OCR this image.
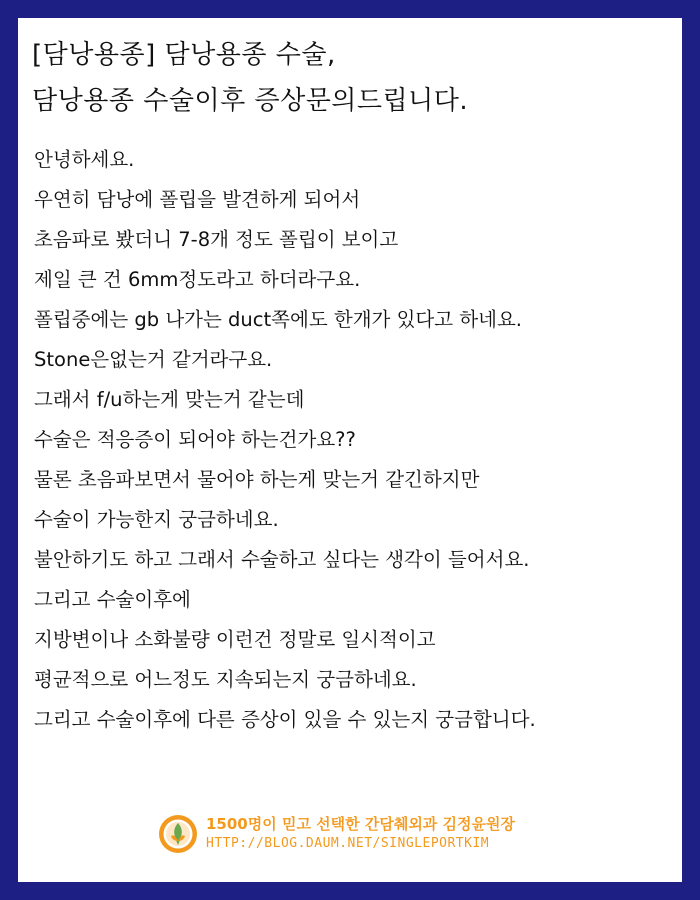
[담낭용종] 담낭용종 수술,
담낭용종 수술이후 증상문의드립니다.
안녕하세요.
우연히 담낭에 폴립을 발견하게 되어서
초음파로 봤더니 7-8개 정도 폴립이 보이고
제일 큰 건 6mm정도라고 하더라구요.
폴립중에는 gb 나가는 duct쪽에도 한개가 있다고 하네요.
Stone은없는거 같거라구요.
그래서 f/u하는게 맞는거 같는데
수술은 적응증이 되어야 하는건가요??
물론 초음파보면서 물어야 하는게 맞는거 같긴하지만
수술이 가능한지 궁금하네요.
불안하기도 하고 그래서 수술하고 싶다는 생각이 들어서요.
그리고 수술이후에
지방변이나 소화불량 이런건 정말로 일시적이고
평균적으로 어느정도 지속되는지 궁금하네요.
그리고 수술이후에 다른 증상이 있을 수 있는지 궁금합니다.
1500명이 믿고 선택한 간담췌외과 김정윤원장
HTTP://BLOG.DAUM.NET/SINGLEPORTKIM
